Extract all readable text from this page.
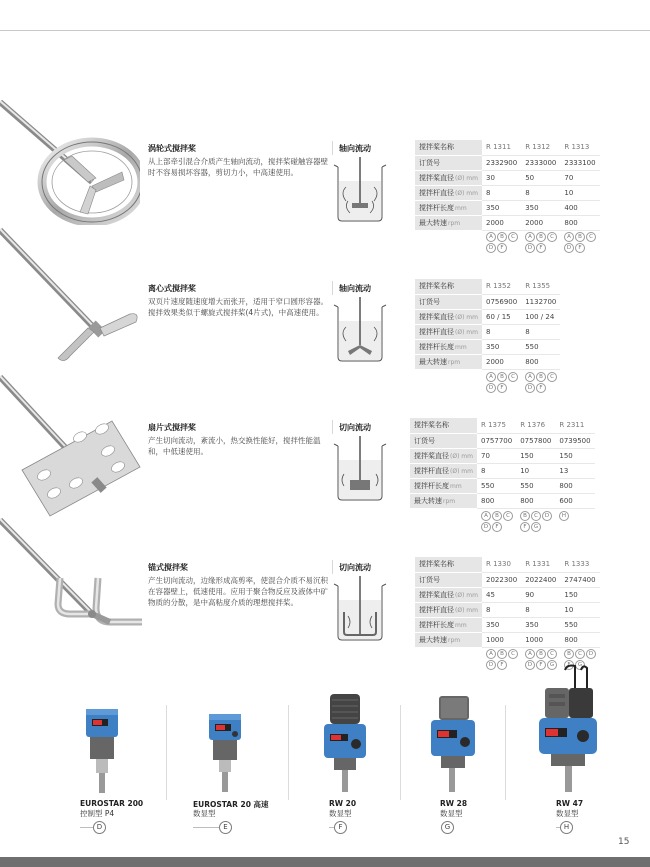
涡轮式搅拌桨
从上部牵引混合介质产生轴向流动，搅拌桨碰触容器壁时不容易损坏容器，剪切力小，中高速使用。
轴向流动	搅拌桨名称	R 1311	R 1312	R 1313
订货号	2332900	2333000	2333100
搅拌桨直径(Ø) mm	30	50	70
搅拌杆直径(Ø) mm	8	8	10
搅拌杆长度mm	350	350	400
最大转速rpm	2000	2000	800
A	B	C
D	F
A	B	C
D	F
A	B	C
D	F
离心式搅拌桨
双页片速度随速度增大而张开，适用于窄口圆形容器。搅拌效果类似于螺旋式搅拌桨(4片式)，中高速使用。
轴向流动	搅拌桨名称	R 1352	R 1355
订货号	0756900	1132700
搅拌桨直径(Ø) mm	60 / 15	100 / 24
搅拌杆直径(Ø) mm	8	8
搅拌杆长度mm	350	550
最大转速rpm	2000	800
A	B	C
D	F
A	B	C
D	F
扇片式搅拌桨
产生切向流动，紊流小，热交换性能好，搅拌性能温和，中低速使用。
切向流动	搅拌桨名称	R 1375	R 1376	R 2311
订货号	0757700	0757800	0739500
搅拌桨直径(Ø) mm	70	150	150
搅拌杆直径(Ø) mm	8	10	13
搅拌杆长度mm	550	550	800
最大转速rpm	800	800	600
A	B	C
D	F
B	C	D
F	G
H
锚式搅拌桨
产生切向流动，边缘形成高剪率，使混合介质不易沉积在容器壁上，低速使用。应用于聚合物反应及液体中矿物质的分散，是中高粘度介质的理想搅拌桨。
切向流动	搅拌桨名称	R 1330	R 1331	R 1333
订货号	2022300	2022400	2747400
搅拌桨直径(Ø) mm	45	90	150
搅拌杆直径(Ø) mm	8	8	10
搅拌杆长度mm	350	350	550
最大转速rpm	1000	1000	800
A	B	C
D	F
A	B	C
D	F	G
B	C	D
F	G
EUROSTAR 200
控制型 P4
D
EUROSTAR 20 高速
数显型
E
RW 20
数显型
F
RW 28
数显型
G
RW 47
数显型
H
15
